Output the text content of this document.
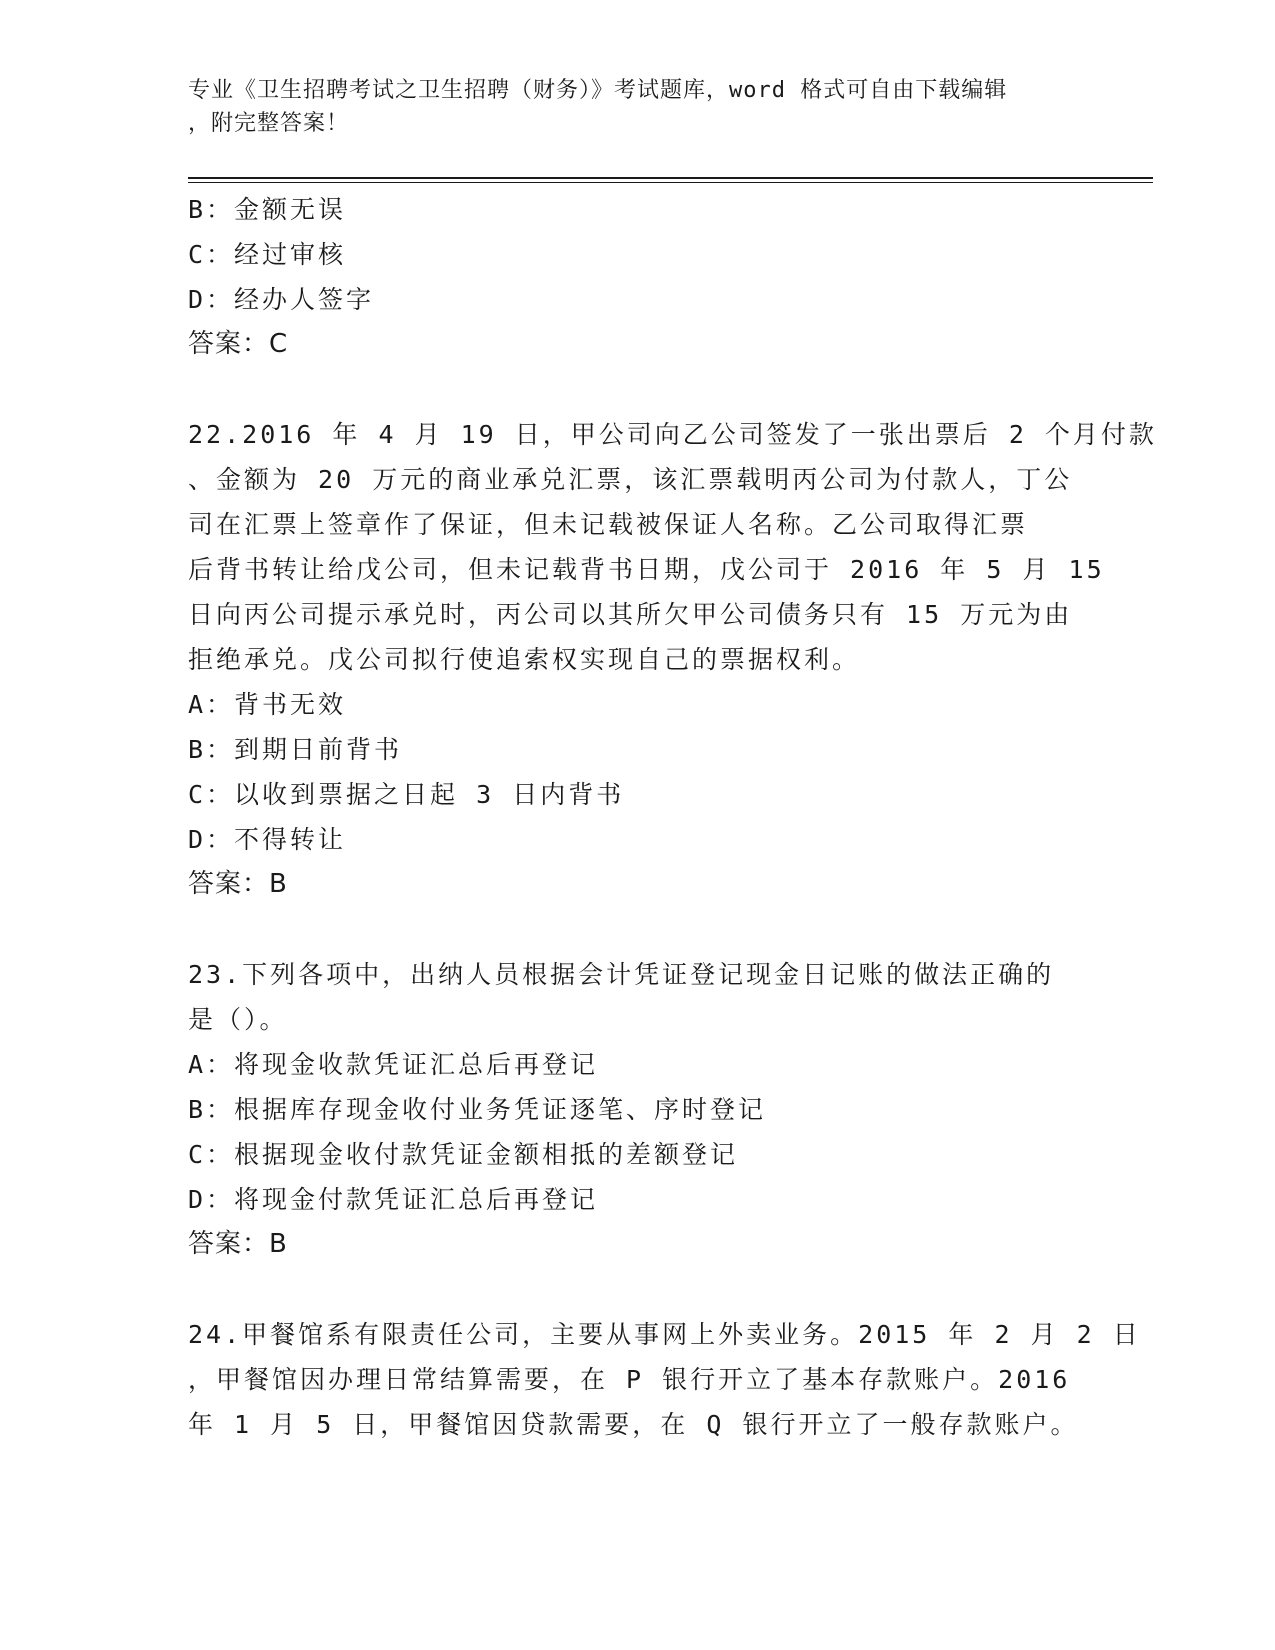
专业《卫生招聘考试之卫生招聘（财务）》考试题库，word 格式可自由下载编辑
，附完整答案！
B：金额无误
C：经过审核
D：经办人签字
答案：C
22.2016 年 4 月 19 日，甲公司向乙公司签发了一张出票后 2 个月付款
、金额为 20 万元的商业承兑汇票，该汇票载明丙公司为付款人，丁公
司在汇票上签章作了保证，但未记载被保证人名称。乙公司取得汇票
后背书转让给戊公司，但未记载背书日期，戊公司于 2016 年 5 月 15
日向丙公司提示承兑时，丙公司以其所欠甲公司债务只有 15 万元为由
拒绝承兑。戊公司拟行使追索权实现自己的票据权利。
A：背书无效
B：到期日前背书
C：以收到票据之日起 3 日内背书
D：不得转让
答案：B
23.下列各项中，出纳人员根据会计凭证登记现金日记账的做法正确的
是（）。
A：将现金收款凭证汇总后再登记
B：根据库存现金收付业务凭证逐笔、序时登记
C：根据现金收付款凭证金额相抵的差额登记
D：将现金付款凭证汇总后再登记
答案：B
24.甲餐馆系有限责任公司，主要从事网上外卖业务。2015 年 2 月 2 日
，甲餐馆因办理日常结算需要，在 P 银行开立了基本存款账户。2016
年 1 月 5 日，甲餐馆因贷款需要，在 Q 银行开立了一般存款账户。
